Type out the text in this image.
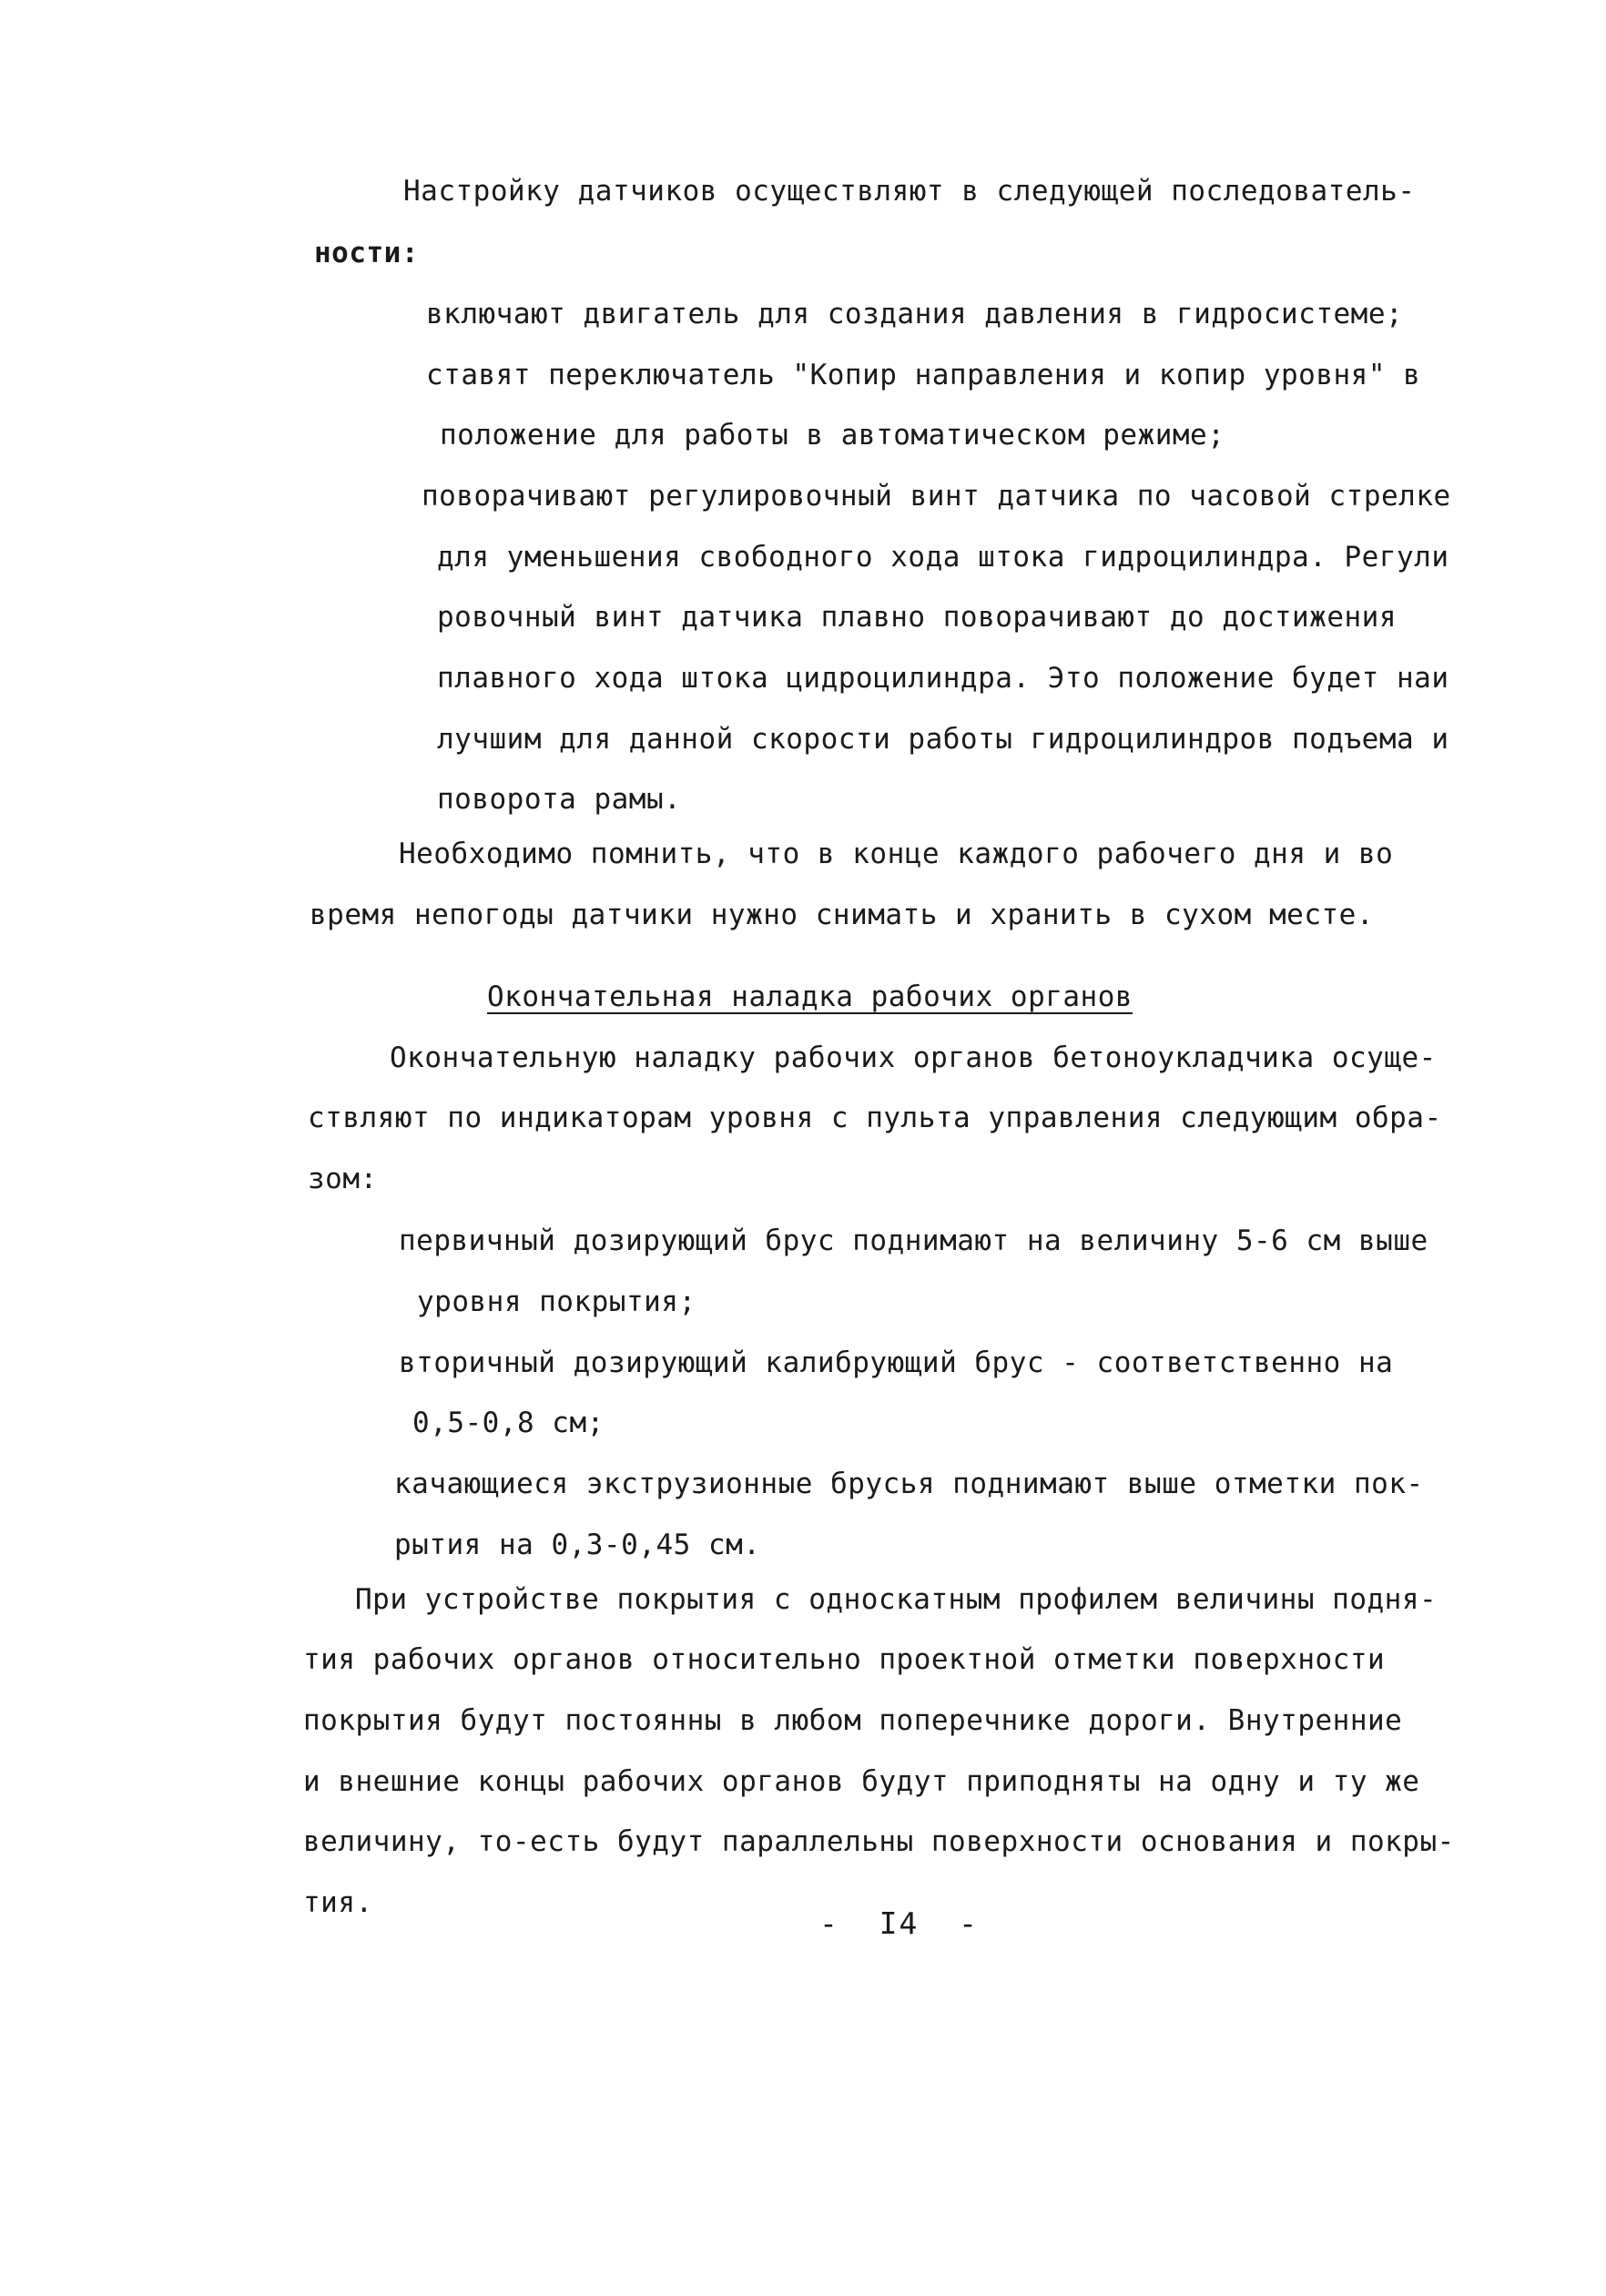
Настройку датчиков осуществляют в следующей последователь-
ности:
включают двигатель для создания давления в гидросистеме;
ставят переключатель "Копир направления и копир уровня" в
положение для работы в автоматическом режиме;
поворачивают регулировочный винт датчика по часовой стрелке
для уменьшения свободного хода штока гидроцилиндра. Регули
ровочный винт датчика плавно поворачивают до достижения
плавного хода штока цидроцилиндра. Это положение будет наи
лучшим для данной скорости работы гидроцилиндров подъема и
поворота рамы.
Необходимо помнить, что в конце каждого рабочего дня и во
время непогоды датчики нужно снимать и хранить в сухом месте.
Окончательная наладка рабочих органов
Окончательную наладку рабочих органов бетоноукладчика осуще-
ствляют по индикаторам уровня с пульта управления следующим обра-
зом:
первичный дозирующий брус поднимают на величину 5-6 см выше
уровня покрытия;
вторичный дозирующий калибрующий брус - соответственно на
0,5-0,8 см;
качающиеся экструзионные брусья поднимают выше отметки пок-
рытия на 0,3-0,45 см.
При устройстве покрытия с односкатным профилем величины подня-
тия рабочих органов относительно проектной отметки поверхности
покрытия будут постоянны в любом поперечнике дороги. Внутренние
и внешние концы рабочих органов будут приподняты на одну и ту же
величину, то-есть будут параллельны поверхности основания и покры-
тия.
-  I4  -
